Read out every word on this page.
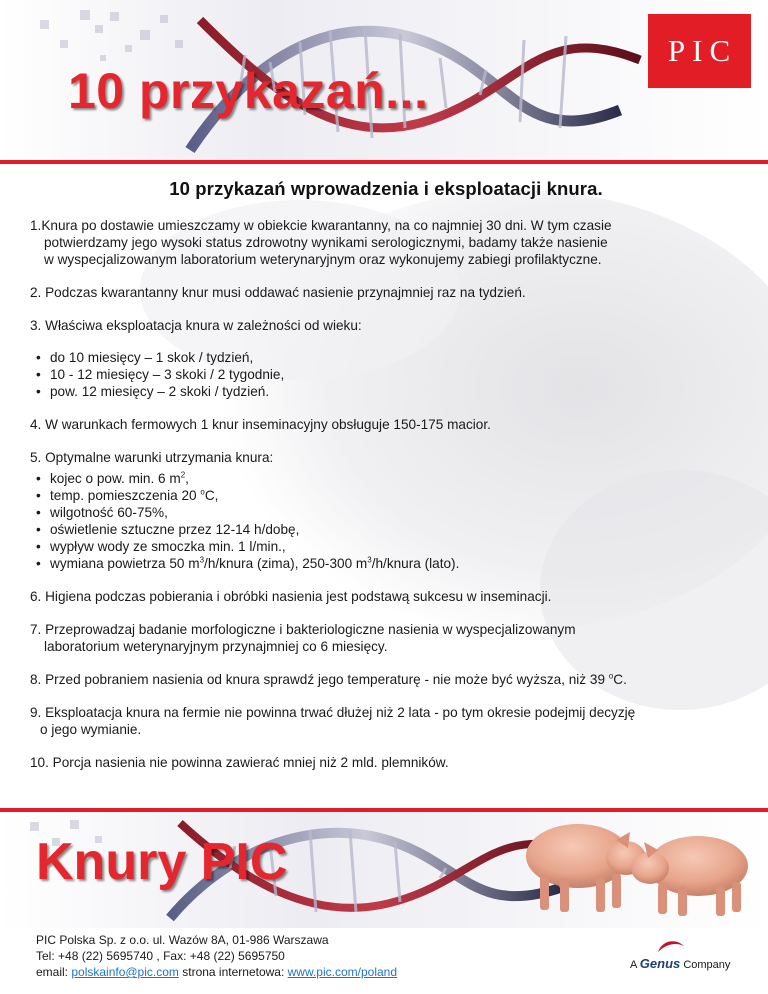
10 przykazań...
PIC
10 przykazań wprowadzenia i eksploatacji knura.
1.Knura po dostawie umieszczamy w obiekcie kwarantanny, na co najmniej 30 dni. W tym czasie
potwierdzamy jego wysoki status zdrowotny wynikami serologicznymi, badamy także nasienie
w wyspecjalizowanym laboratorium weterynaryjnym oraz wykonujemy zabiegi profilaktyczne.
2. Podczas kwarantanny knur musi oddawać nasienie przynajmniej raz na tydzień.
3. Właściwa eksploatacja knura w zależności od wieku:
• do 10 miesięcy – 1 skok / tydzień,
• 10 - 12 miesięcy – 3 skoki / 2 tygodnie,
• pow. 12 miesięcy – 2 skoki / tydzień.
4. W warunkach fermowych 1 knur inseminacyjny obsługuje 150-175 macior.
5. Optymalne warunki utrzymania knura:
• kojec o pow. min. 6 $m^2$,
• temp. pomieszczenia 20 $^o$C,
• wilgotność 60-75%,
• oświetlenie sztuczne przez 12-14 h/dobę,
• wypływ wody ze smoczka min. 1 l/min.,
• wymiana powietrza 50 $m^3/h$/knura (zima), 250-300 $m^3/h$/knura (lato).
6. Higiena podczas pobierania i obróbki nasienia jest podstawą sukcesu w inseminacji.
7. Przeprowadzaj badanie morfologiczne i bakteriologiczne nasienia w wyspecjalizowanym
laboratorium weterynaryjnym przynajmniej co 6 miesięcy.
8. Przed pobraniem nasienia od knura sprawdź jego temperaturę - nie może być wyższa, niż 39 $^o$C.
9. Eksploatacja knura na fermie nie powinna trwać dłużej niż 2 lata - po tym okresie podejmij decyzję
o jego wymianie.
10. Porcja nasienia nie powinna zawierać mniej niż 2 mld. plemników.
Knury PIC
PIC Polska Sp. z o.o. ul. Wazów 8A, 01-986 Warszawa
Tel: +48 (22) 5695740 , Fax: +48 (22) 5695750
email: polskainfo@pic.com strona internetowa: www.pic.com/poland	A Genus Company
